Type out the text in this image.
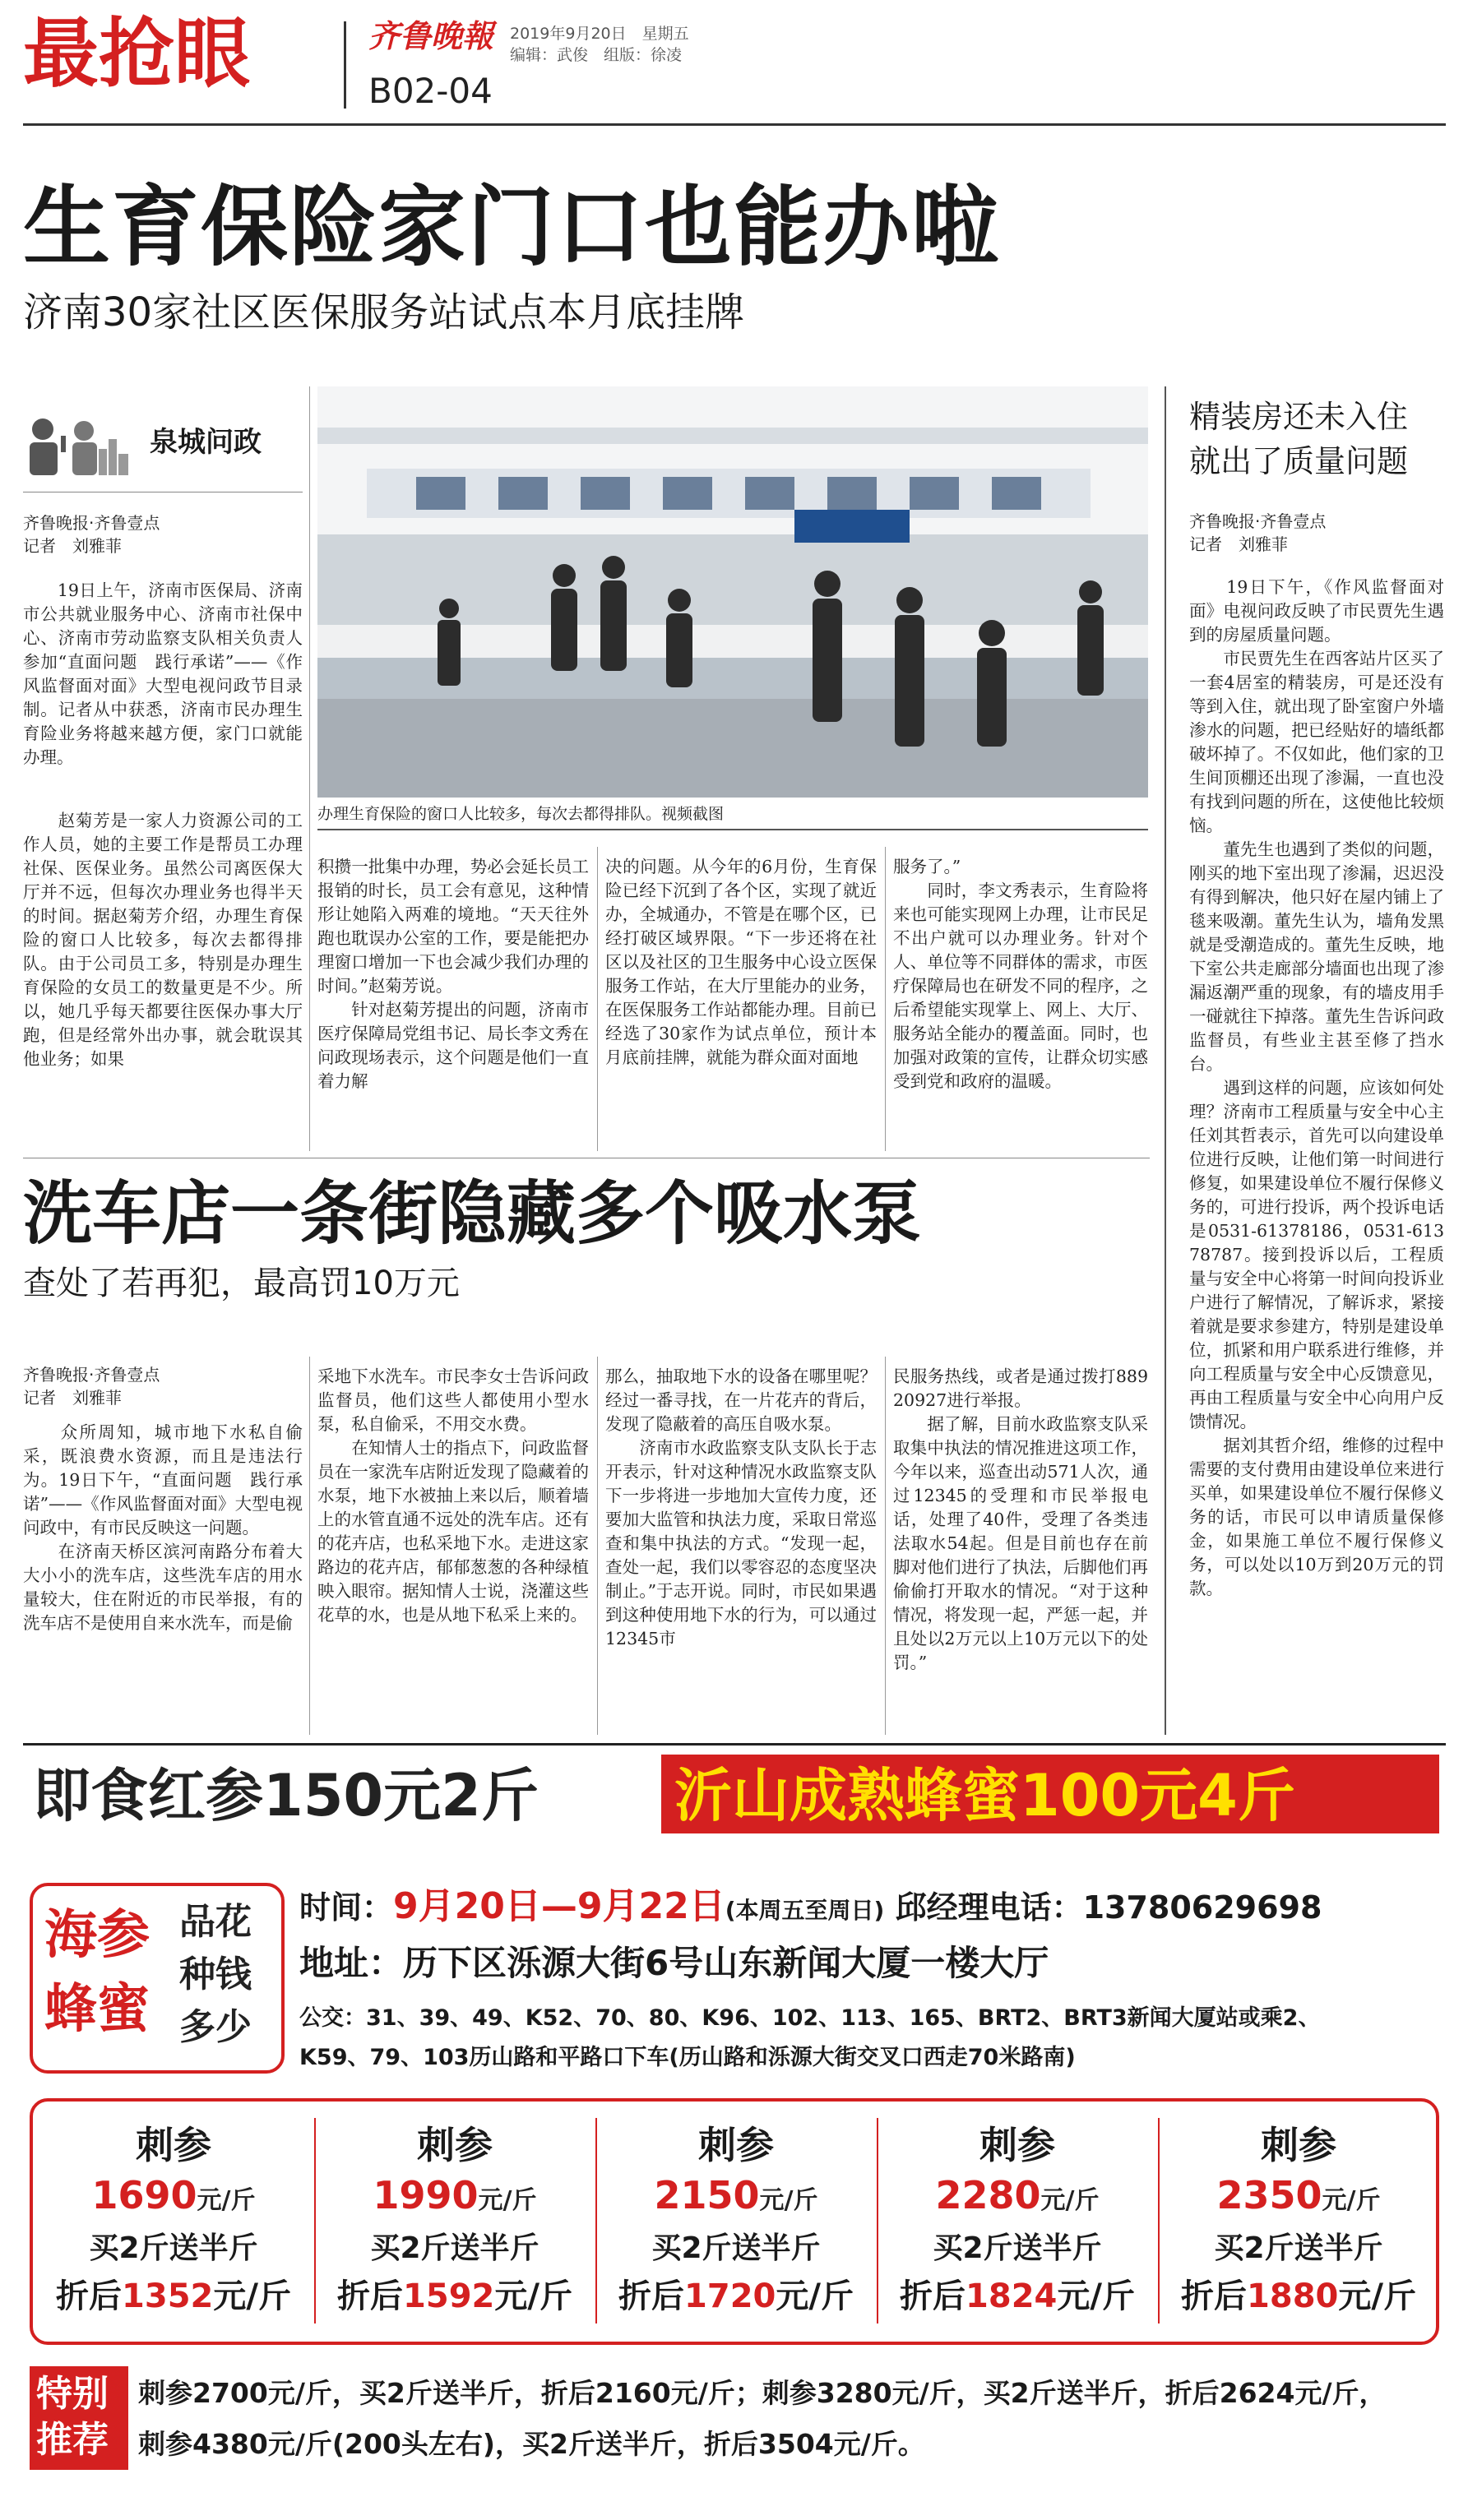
最抢眼	齐鲁晚報 2019年9月20日　星期五
编辑：武俊　组版：徐凌
B02-04
生育保险家门口也能办啦
济南30家社区医保服务站试点本月底挂牌
泉城问政
齐鲁晚报·齐鲁壹点
记者　刘雅菲
　　19日上午，济南市医保局、济南市公共就业服务中心、济南市社保中心、济南市劳动监察支队相关负责人参加“直面问题　践行承诺”——《作风监督面对面》大型电视问政节目录制。记者从中获悉，济南市民办理生育险业务将越来越方便，家门口就能办理。
办理生育保险的窗口人比较多，每次去都得排队。视频截图
　　赵菊芳是一家人力资源公司的工作人员，她的主要工作是帮员工办理社保、医保业务。虽然公司离医保大厅并不远，但每次办理业务也得半天的时间。据赵菊芳介绍，办理生育保险的窗口人比较多，每次去都得排队。由于公司员工多，特别是办理生育保险的女员工的数量更是不少。所以，她几乎每天都要往医保办事大厅跑，但是经常外出办事，就会耽误其他业务；如果
积攒一批集中办理，势必会延长员工报销的时长，员工会有意见，这种情形让她陷入两难的境地。“天天往外跑也耽误办公室的工作，要是能把办理窗口增加一下也会减少我们办理的时间。”赵菊芳说。
　　针对赵菊芳提出的问题，济南市医疗保障局党组书记、局长李文秀在问政现场表示，这个问题是他们一直着力解
决的问题。从今年的6月份，生育保险已经下沉到了各个区，实现了就近办，全城通办，不管是在哪个区，已经打破区域界限。“下一步还将在社区以及社区的卫生服务中心设立医保服务工作站，在大厅里能办的业务，在医保服务工作站都能办理。目前已经选了30家作为试点单位，预计本月底前挂牌，就能为群众面对面地
服务了。”
　　同时，李文秀表示，生育险将来也可能实现网上办理，让市民足不出户就可以办理业务。针对个人、单位等不同群体的需求，市医疗保障局也在研发不同的程序，之后希望能实现掌上、网上、大厅、服务站全能办的覆盖面。同时，也加强对政策的宣传，让群众切实感受到党和政府的温暖。
精装房还未入住
就出了质量问题
齐鲁晚报·齐鲁壹点
记者　刘雅菲
　　19日下午，《作风监督面对面》电视问政反映了市民贾先生遇到的房屋质量问题。
　　市民贾先生在西客站片区买了一套4居室的精装房，可是还没有等到入住，就出现了卧室窗户外墙渗水的问题，把已经贴好的墙纸都破坏掉了。不仅如此，他们家的卫生间顶棚还出现了渗漏，一直也没有找到问题的所在，这使他比较烦恼。
　　董先生也遇到了类似的问题，刚买的地下室出现了渗漏，迟迟没有得到解决，他只好在屋内铺上了毯来吸潮。董先生认为，墙角发黑就是受潮造成的。董先生反映，地下室公共走廊部分墙面也出现了渗漏返潮严重的现象，有的墙皮用手一碰就往下掉落。董先生告诉问政监督员，有些业主甚至修了挡水台。
　　遇到这样的问题，应该如何处理？济南市工程质量与安全中心主任刘其哲表示，首先可以向建设单位进行反映，让他们第一时间进行修复，如果建设单位不履行保修义务的，可进行投诉，两个投诉电话是0531-61378186，0531-61378787。接到投诉以后，工程质量与安全中心将第一时间向投诉业户进行了解情况，了解诉求，紧接着就是要求参建方，特别是建设单位，抓紧和用户联系进行维修，并向工程质量与安全中心反馈意见，再由工程质量与安全中心向用户反馈情况。
　　据刘其哲介绍，维修的过程中需要的支付费用由建设单位来进行买单，如果建设单位不履行保修义务的话，市民可以申请质量保修金，如果施工单位不履行保修义务，可以处以10万到20万元的罚款。
洗车店一条街隐藏多个吸水泵
查处了若再犯，最高罚10万元
齐鲁晚报·齐鲁壹点
记者　刘雅菲
　　众所周知，城市地下水私自偷采，既浪费水资源，而且是违法行为。19日下午，“直面问题　践行承诺”——《作风监督面对面》大型电视问政中，有市民反映这一问题。
　　在济南天桥区滨河南路分布着大大小小的洗车店，这些洗车店的用水量较大，住在附近的市民举报，有的洗车店不是使用自来水洗车，而是偷
采地下水洗车。市民李女士告诉问政监督员，他们这些人都使用小型水泵，私自偷采，不用交水费。
　　在知情人士的指点下，问政监督员在一家洗车店附近发现了隐藏着的水泵，地下水被抽上来以后，顺着墙上的水管直通不远处的洗车店。还有的花卉店，也私采地下水。走进这家路边的花卉店，郁郁葱葱的各种绿植映入眼帘。据知情人士说，浇灌这些花草的水，也是从地下私采上来的。
那么，抽取地下水的设备在哪里呢？经过一番寻找，在一片花卉的背后，发现了隐蔽着的高压自吸水泵。
　　济南市水政监察支队支队长于志开表示，针对这种情况水政监察支队下一步将进一步地加大宣传力度，还要加大监管和执法力度，采取日常巡查和集中执法的方式。“发现一起，查处一起，我们以零容忍的态度坚决制止。”于志开说。同时，市民如果遇到这种使用地下水的行为，可以通过12345市
民服务热线，或者是通过拨打88920927进行举报。
　　据了解，目前水政监察支队采取集中执法的情况推进这项工作，今年以来，巡查出动571人次，通过12345的受理和市民举报电话，处理了40件，受理了各类违法取水54起。但是目前也存在前脚对他们进行了执法，后脚他们再偷偷打开取水的情况。“对于这种情况，将发现一起，严惩一起，并且处以2万元以上10万元以下的处罚。”
即食红参150元2斤 沂山成熟蜂蜜100元4斤
海参
蜂蜜
品花
种钱
多少
时间：9月20日—9月22日(本周五至周日) 邱经理电话：13780629698
地址：历下区泺源大街6号山东新闻大厦一楼大厅
公交：31、39、49、K52、70、80、K96、102、113、165、BRT2、BRT3新闻大厦站或乘2、
K59、79、103历山路和平路口下车(历山路和泺源大街交叉口西走70米路南)
刺参
1690元/斤
买2斤送半斤
折后1352元/斤
刺参
1990元/斤
买2斤送半斤
折后1592元/斤
刺参
2150元/斤
买2斤送半斤
折后1720元/斤
刺参
2280元/斤
买2斤送半斤
折后1824元/斤
刺参
2350元/斤
买2斤送半斤
折后1880元/斤
特别
推荐
刺参2700元/斤，买2斤送半斤，折后2160元/斤；刺参3280元/斤，买2斤送半斤，折后2624元/斤，
刺参4380元/斤(200头左右)，买2斤送半斤，折后3504元/斤。
